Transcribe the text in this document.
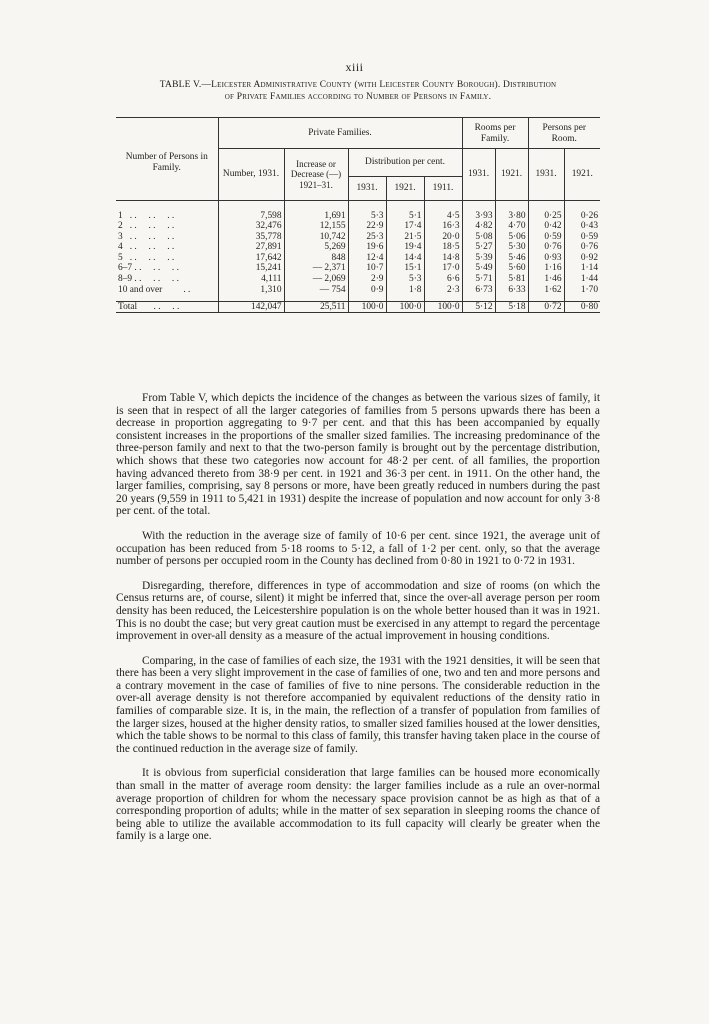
xiii
TABLE V.—Leicester Administrative County (with Leicester County Borough). Distribution
of Private Families according to Number of Persons in Family.
Number of Persons in Family.	Private Families.					Rooms per Family.		Persons per Room.	
	Number, 1931.	Increase or Decrease (—) 1921–31.	Distribution per cent.			1931.	1921.	1931.	1921.
			1931.	1921.	1911.				

1   . .     . .     . .	7,598	1,691	5·3	5·1	4·5	3·93	3·80	0·25	0·26
2   . .     . .     . .	32,476	12,155	22·9	17·4	16·3	4·82	4·70	0·42	0·43
3   . .     . .     . .	35,778	10,742	25·3	21·5	20·0	5·08	5·06	0·59	0·59
4   . .     . .     . .	27,891	5,269	19·6	19·4	18·5	5·27	5·30	0·76	0·76
5   . .     . .     . .	17,642	848	12·4	14·4	14·8	5·39	5·46	0·93	0·92
6–7 . .     . .     . .	15,241	— 2,371	10·7	15·1	17·0	5·49	5·60	1·16	1·14
8–9 . .     . .     . .	4,111	— 2,069	2·9	5·3	6·6	5·71	5·81	1·46	1·44
10 and over         . .	1,310	— 754	0·9	1·8	2·3	6·73	6·33	1·62	1·70

Total       . .     . .	142,047	25,511	100·0	100·0	100·0	5·12	5·18	0·72	0·80

From Table V, which depicts the incidence of the changes as between the various sizes of family, it is seen that in respect of all the larger categories of families from 5 persons upwards there has been a decrease in proportion aggregating to 9·7 per cent. and that this has been accompanied by equally consistent increases in the proportions of the smaller sized families. The increasing predominance of the three-person family and next to that the two-person family is brought out by the percentage distribution, which shows that these two categories now account for 48·2 per cent. of all families, the proportion having advanced thereto from 38·9 per cent. in 1921 and 36·3 per cent. in 1911. On the other hand, the larger families, comprising, say 8 persons or more, have been greatly reduced in numbers during the past 20 years (9,559 in 1911 to 5,421 in 1931) despite the increase of population and now account for only 3·8 per cent. of the total.

With the reduction in the average size of family of 10·6 per cent. since 1921, the average unit of occupation has been reduced from 5·18 rooms to 5·12, a fall of 1·2 per cent. only, so that the average number of persons per occupied room in the County has declined from 0·80 in 1921 to 0·72 in 1931.

Disregarding, therefore, differences in type of accommodation and size of rooms (on which the Census returns are, of course, silent) it might be inferred that, since the over-all average person per room density has been reduced, the Leicestershire population is on the whole better housed than it was in 1921. This is no doubt the case; but very great caution must be exercised in any attempt to regard the percentage improvement in over-all density as a measure of the actual improvement in housing conditions.

Comparing, in the case of families of each size, the 1931 with the 1921 densities, it will be seen that there has been a very slight improvement in the case of families of one, two and ten and more persons and a contrary movement in the case of families of five to nine persons. The considerable reduction in the over-all average density is not therefore accompanied by equivalent reductions of the density ratio in families of comparable size. It is, in the main, the reflection of a transfer of population from families of the larger sizes, housed at the higher density ratios, to smaller sized families housed at the lower densities, which the table shows to be normal to this class of family, this transfer having taken place in the course of the continued reduction in the average size of family.

It is obvious from superficial consideration that large families can be housed more economically than small in the matter of average room density: the larger families include as a rule an over-normal average proportion of children for whom the necessary space provision cannot be as high as that of a corresponding proportion of adults; while in the matter of sex separation in sleeping rooms the chance of being able to utilize the available accommodation to its full capacity will clearly be greater when the family is a large one.
